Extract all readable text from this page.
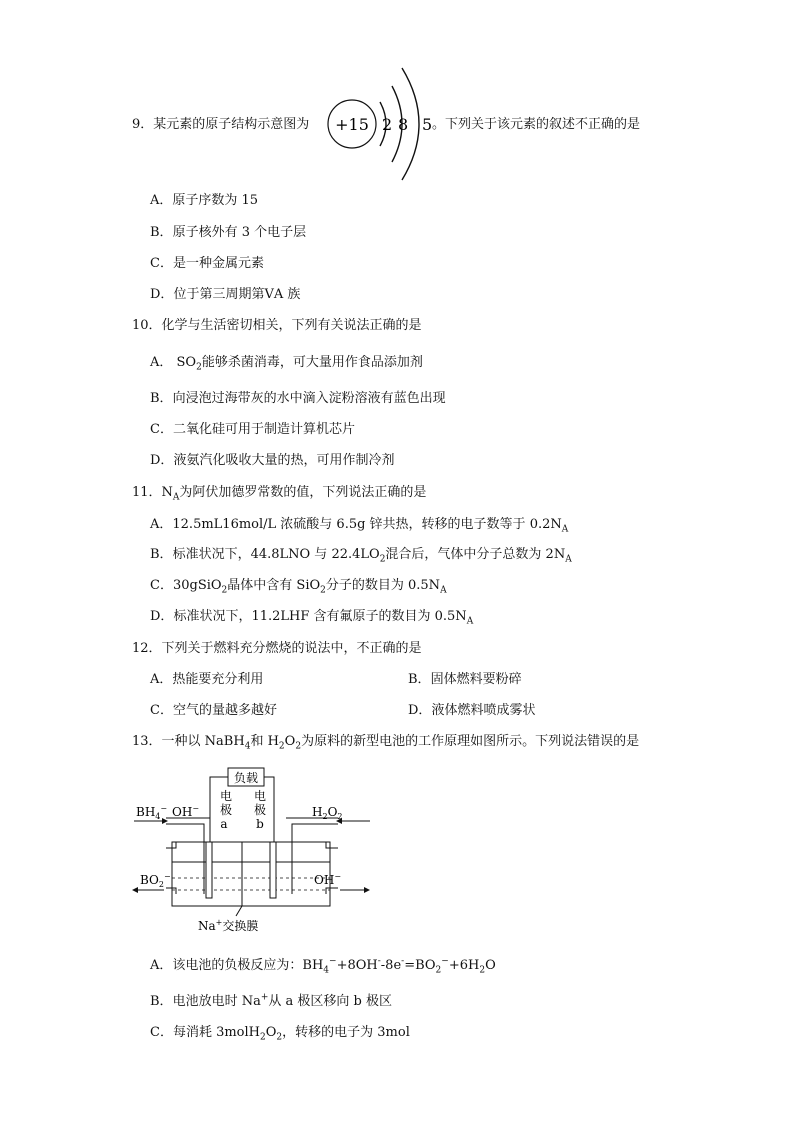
9．某元素的原子结构示意图为 +15 2 8 5 。下列关于该元素的叙述不正确的是
A．原子序数为 15
B．原子核外有 3 个电子层
C．是一种金属元素
D．位于第三周期第ⅤA 族
10．化学与生活密切相关，下列有关说法正确的是
A． $SO_2$能够杀菌消毒，可大量用作食品添加剂
B．向浸泡过海带灰的水中滴入淀粉溶液有蓝色出现
C．二氧化硅可用于制造计算机芯片
D．液氨汽化吸收大量的热，可用作制冷剂
11．$N_A$为阿伏加德罗常数的值，下列说法正确的是
A．12.5mL16mol/L 浓硫酸与 6.5g 锌共热，转移的电子数等于 $0.2N_A$
B．标准状况下，44.8LNO 与 $22.4LO_2$混合后，气体中分子总数为 $2N_A$
C．30gSiO$_2$晶体中含有 SiO$_2$分子的数目为 $0.5N_A$
D．标准状况下，11.2LHF 含有氟原子的数目为 $0.5N_A$
12．下列关于燃料充分燃烧的说法中，不正确的是
A．热能要充分利用	B．固体燃料要粉碎
C．空气的量越多越好	D．液体燃料喷成雾状
13．一种以 NaBH$_4$和 $H_2O_2$为原料的新型电池的工作原理如图所示。下列说法错误的是
负载
电
极
a
电
极
b
$BH_4^-$ OH−	$H_2O_2$
$BO_2^-$	OH−
Na+交换膜
A．该电池的负极反应为：$BH_4^-+8OH^--8e^-=BO_2^-+6H_2O$
B．电池放电时 Na+从 a 极区移向 b 极区
C．每消耗 $3molH_2O_2$，转移的电子为 3mol
